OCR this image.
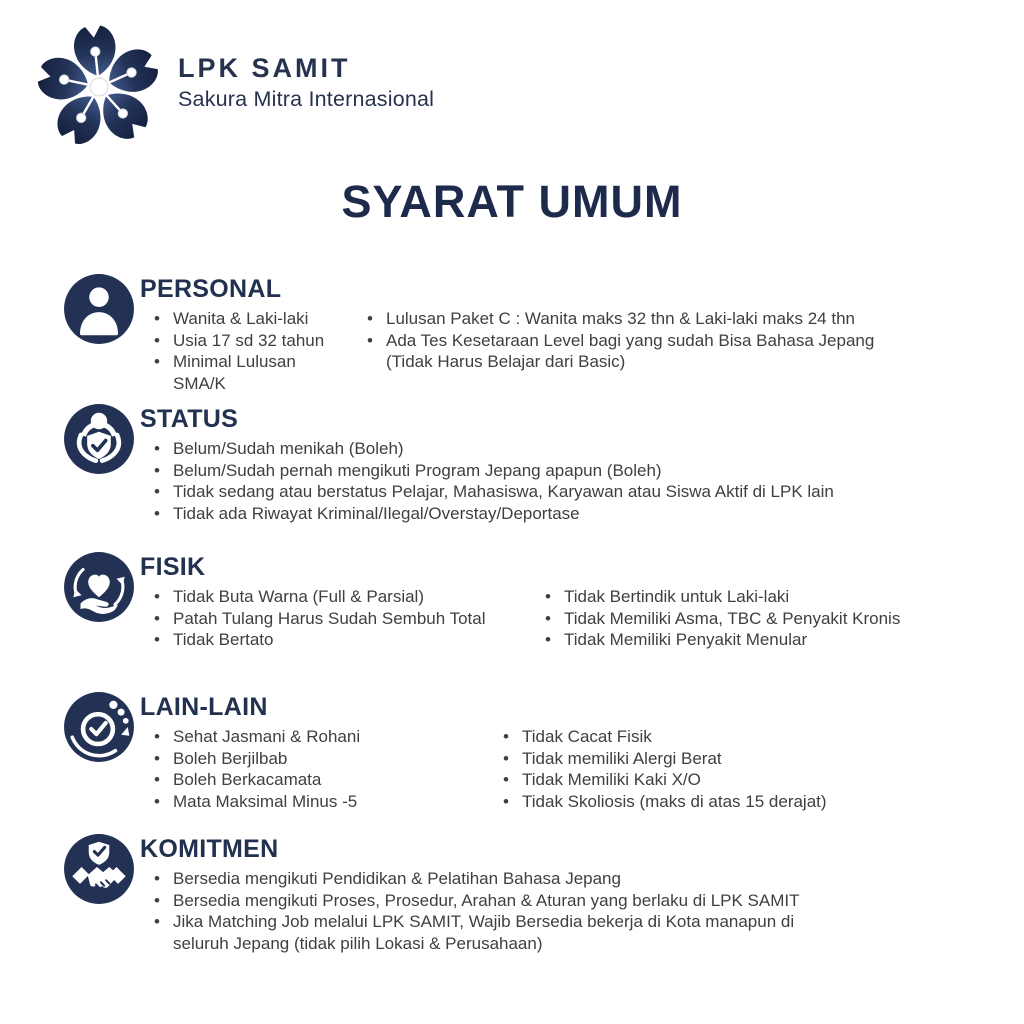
LPK SAMIT
Sakura Mitra Internasional
SYARAT UMUM
PERSONAL
• Wanita & Laki-laki
• Usia 17 sd 32 tahun
• Minimal Lulusan SMA/K
• Lulusan Paket C : Wanita maks 32 thn & Laki-laki maks 24 thn
• Ada Tes Kesetaraan Level bagi yang sudah Bisa Bahasa Jepang (Tidak Harus Belajar dari Basic)
STATUS
• Belum/Sudah menikah (Boleh)
• Belum/Sudah pernah mengikuti Program Jepang apapun (Boleh)
• Tidak sedang atau berstatus Pelajar, Mahasiswa, Karyawan atau Siswa Aktif di LPK lain
• Tidak ada Riwayat Kriminal/Ilegal/Overstay/Deportase
FISIK
• Tidak Buta Warna (Full & Parsial)
• Patah Tulang Harus Sudah Sembuh Total
• Tidak Bertato
• Tidak Bertindik untuk Laki-laki
• Tidak Memiliki Asma, TBC & Penyakit Kronis
• Tidak Memiliki Penyakit Menular
LAIN-LAIN
• Sehat Jasmani & Rohani
• Boleh Berjilbab
• Boleh Berkacamata
• Mata Maksimal Minus -5
• Tidak Cacat Fisik
• Tidak memiliki Alergi Berat
• Tidak Memiliki Kaki X/O
• Tidak Skoliosis (maks di atas 15 derajat)
KOMITMEN
• Bersedia mengikuti Pendidikan & Pelatihan Bahasa Jepang
• Bersedia mengikuti Proses, Prosedur, Arahan & Aturan yang berlaku di LPK SAMIT
• Jika Matching Job melalui LPK SAMIT, Wajib Bersedia bekerja di Kota manapun di seluruh Jepang (tidak pilih Lokasi & Perusahaan)
